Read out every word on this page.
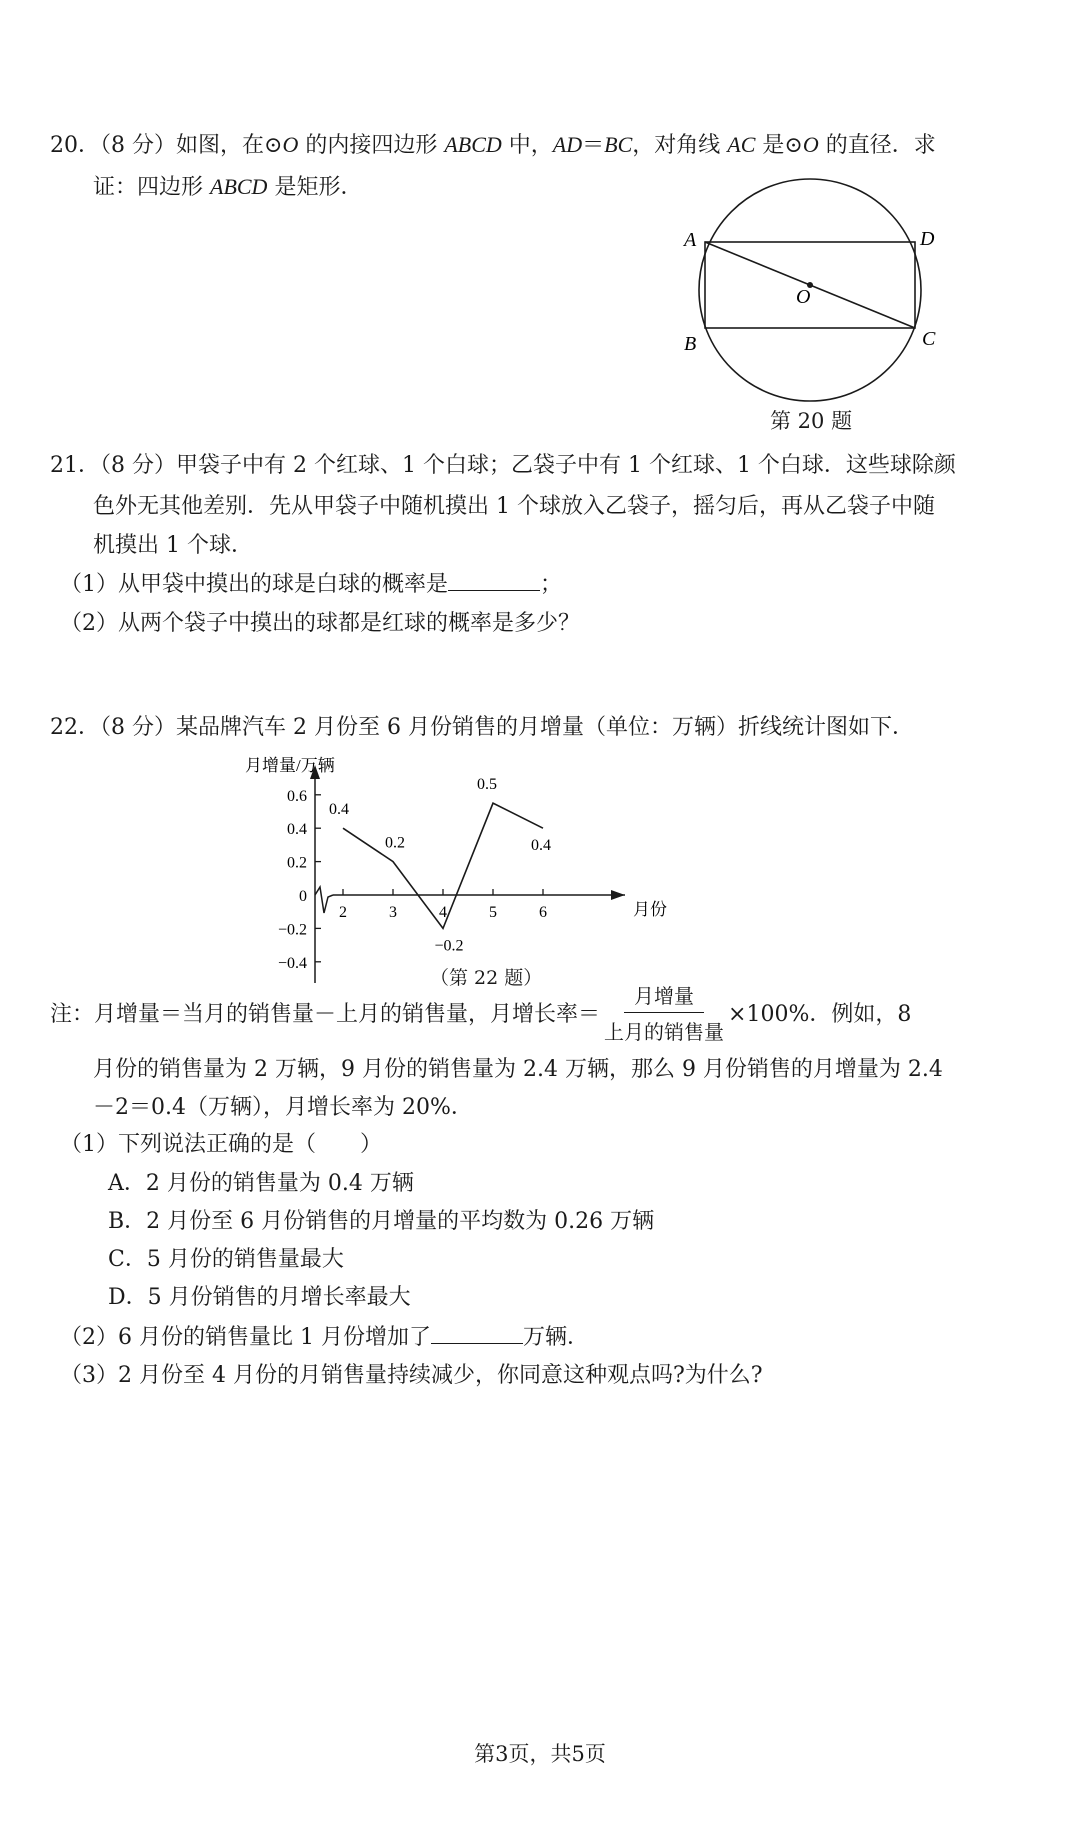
20．（8 分）如图，在⊙O 的内接四边形 ABCD 中，AD＝BC，对角线 AC 是⊙O 的直径．求
证：四边形 ABCD 是矩形．
A	D
O
B	C
第 20 题
21．（8 分）甲袋子中有 2 个红球、1 个白球；乙袋子中有 1 个红球、1 个白球．这些球除颜
色外无其他差别．先从甲袋子中随机摸出 1 个球放入乙袋子，摇匀后，再从乙袋子中随
机摸出 1 个球．
（1）从甲袋中摸出的球是白球的概率是	；
（2）从两个袋子中摸出的球都是红球的概率是多少？
22．（8 分）某品牌汽车 2 月份至 6 月份销售的月增量（单位：万辆）折线统计图如下．
月增量/万辆
月份
0.6
0.4
0.2
0
−0.2
−0.4
2	3	4	5	6
0.4
0.2
−0.2
0.5
0.4
（第 22 题）
注：月增量＝当月的销售量－上月的销售量，月增长率＝ $\frac{\text{月增量}}{\text{上月的销售量}} \times 100\%$．例如，8
月份的销售量为 2 万辆，9 月份的销售量为 2.4 万辆，那么 9 月份销售的月增量为 2.4
－2＝0.4（万辆），月增长率为 20%．
（1）下列说法正确的是（　　）
A．2 月份的销售量为 0.4 万辆
B．2 月份至 6 月份销售的月增量的平均数为 0.26 万辆
C．5 月份的销售量最大
D．5 月份销售的月增长率最大
（2）6 月份的销售量比 1 月份增加了	万辆．
（3）2 月份至 4 月份的月销售量持续减少，你同意这种观点吗?为什么?
第3页，共5页
